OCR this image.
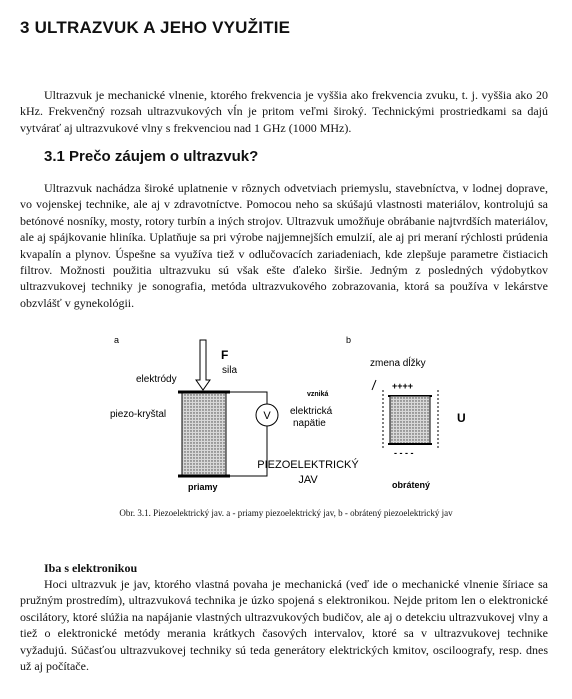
3 ULTRAZVUK A JEHO VYUŽITIE
Ultrazvuk je mechanické vlnenie, ktorého frekvencia je vyššia ako frekvencia zvuku, t. j. vyššia ako 20 kHz. Frekvenčný rozsah ultrazvukových vĺn je pritom veľmi široký. Technickými prostriedkami sa dajú vytvárať aj ultrazvukové vlny s frekvenciou nad 1 GHz (1000 MHz).
3.1 Prečo záujem o ultrazvuk?
Ultrazvuk nachádza široké uplatnenie v rôznych odvetviach priemyslu, stavebníctva, v lodnej doprave, vo vojenskej technike, ale aj v zdravotníctve. Pomocou neho sa skúšajú vlastnosti materiálov, kontrolujú sa betónové nosníky, mosty, rotory turbín a iných strojov. Ultrazvuk umožňuje obrábanie najtvrdších materiálov, ale aj spájkovanie hliníka. Uplatňuje sa pri výrobe najjemnejších emulzií, ale aj pri meraní rýchlosti prúdenia kvapalín a plynov. Úspešne sa využíva tiež v odlučovacích zariadeniach, kde zlepšuje parametre čistiacich filtrov. Možnosti použitia ultrazvuku sú však ešte ďaleko širšie. Jedným z posledných výdobytkov ultrazvukovej techniky je sonografia, metóda ultrazvukového zobrazovania, ktorá sa používa v lekárstve obzvlášť v gynekológii.
a
F
sila
elektródy
piezo-kryštal	V
vzniká
elektrická
napätie
priamy
PIEZOELEKTRICKÝ
JAV
b
zmena dĺžky
++++
U
- - - -
obrátený
Obr. 3.1. Piezoelektrický jav. a - priamy piezoelektrický jav, b - obrátený piezoelektrický jav
Iba s elektronikou
Hoci ultrazvuk je jav, ktorého vlastná povaha je mechanická (veď ide o mechanické vlnenie šíriace sa pružným prostredím), ultrazvuková technika je úzko spojená s elektronikou. Nejde pritom len o elektronické oscilátory, ktoré slúžia na napájanie vlastných ultrazvukových budičov, ale aj o detekciu ultrazvukovej vlny a tiež o elektronické metódy merania krátkych časových intervalov, ktoré sa v ultrazvukovej technike vyžadujú. Súčasťou ultrazvukovej techniky sú teda generátory elektrických kmitov, osciloografy, resp. dnes už aj počítače.
